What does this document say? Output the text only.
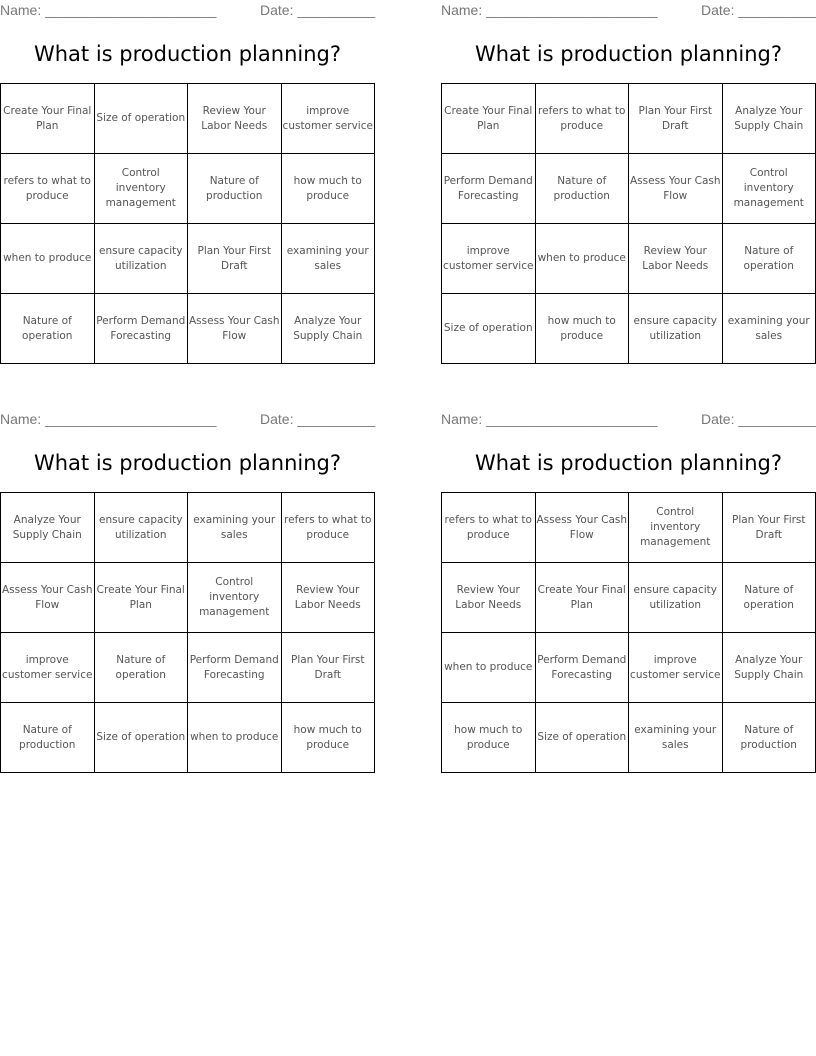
Name: ______________________	Date: __________
What is production planning?
Create Your Final Plan	Size of operation	Review Your Labor Needs	improve customer service
refers to what to produce	Control inventory management	Nature of production	how much to produce
when to produce	ensure capacity utilization	Plan Your First Draft	examining your sales
Nature of operation	Perform Demand Forecasting	Assess Your Cash Flow	Analyze Your Supply Chain
Name: ______________________	Date: __________
What is production planning?
Create Your Final Plan	refers to what to produce	Plan Your First Draft	Analyze Your Supply Chain
Perform Demand Forecasting	Nature of production	Assess Your Cash Flow	Control inventory management
improve customer service	when to produce	Review Your Labor Needs	Nature of operation
Size of operation	how much to produce	ensure capacity utilization	examining your sales
Name: ______________________	Date: __________
What is production planning?
Analyze Your Supply Chain	ensure capacity utilization	examining your sales	refers to what to produce
Assess Your Cash Flow	Create Your Final Plan	Control inventory management	Review Your Labor Needs
improve customer service	Nature of operation	Perform Demand Forecasting	Plan Your First Draft
Nature of production	Size of operation	when to produce	how much to produce
Name: ______________________	Date: __________
What is production planning?
refers to what to produce	Assess Your Cash Flow	Control inventory management	Plan Your First Draft
Review Your Labor Needs	Create Your Final Plan	ensure capacity utilization	Nature of operation
when to produce	Perform Demand Forecasting	improve customer service	Analyze Your Supply Chain
how much to produce	Size of operation	examining your sales	Nature of production
